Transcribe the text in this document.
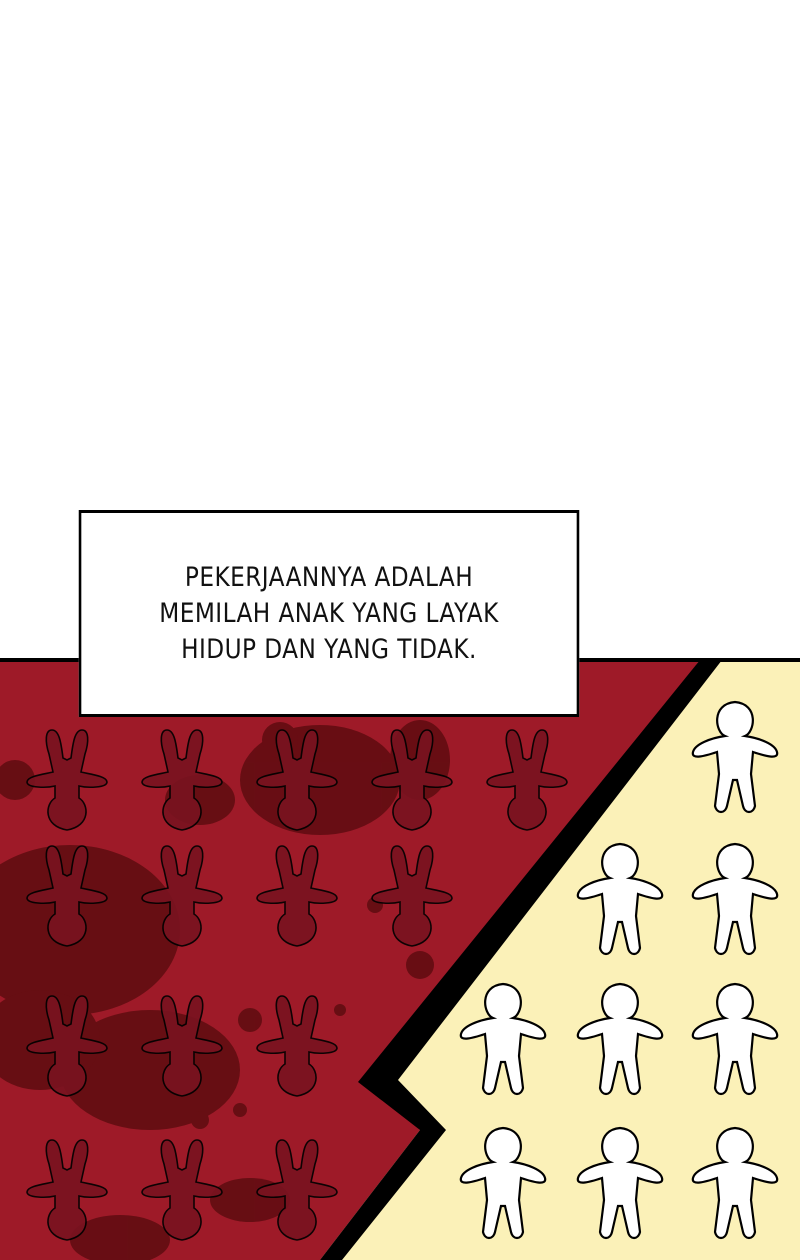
PEKERJAANNYA ADALAH
MEMILAH ANAK YANG LAYAK
HIDUP DAN YANG TIDAK.
